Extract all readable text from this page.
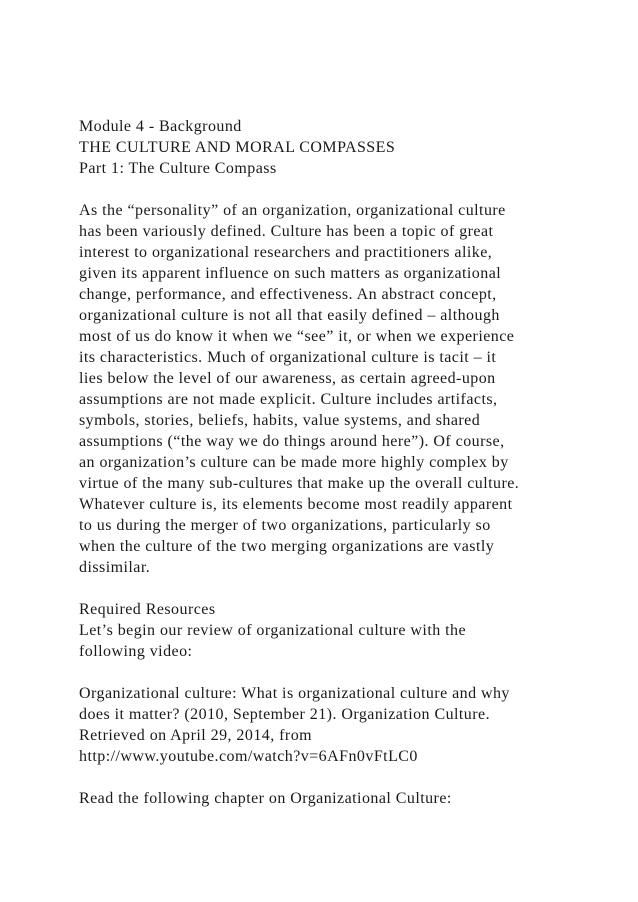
Module 4 - Background
THE CULTURE AND MORAL COMPASSES
Part 1: The Culture Compass
As the “personality” of an organization, organizational culture
has been variously defined. Culture has been a topic of great
interest to organizational researchers and practitioners alike,
given its apparent influence on such matters as organizational
change, performance, and effectiveness. An abstract concept,
organizational culture is not all that easily defined – although
most of us do know it when we “see” it, or when we experience
its characteristics. Much of organizational culture is tacit – it
lies below the level of our awareness, as certain agreed-upon
assumptions are not made explicit. Culture includes artifacts,
symbols, stories, beliefs, habits, value systems, and shared
assumptions (“the way we do things around here”). Of course,
an organization’s culture can be made more highly complex by
virtue of the many sub-cultures that make up the overall culture.
Whatever culture is, its elements become most readily apparent
to us during the merger of two organizations, particularly so
when the culture of the two merging organizations are vastly
dissimilar.
Required Resources
Let’s begin our review of organizational culture with the
following video:
Organizational culture: What is organizational culture and why
does it matter? (2010, September 21). Organization Culture.
Retrieved on April 29, 2014, from
http://www.youtube.com/watch?v=6AFn0vFtLC0
Read the following chapter on Organizational Culture:
